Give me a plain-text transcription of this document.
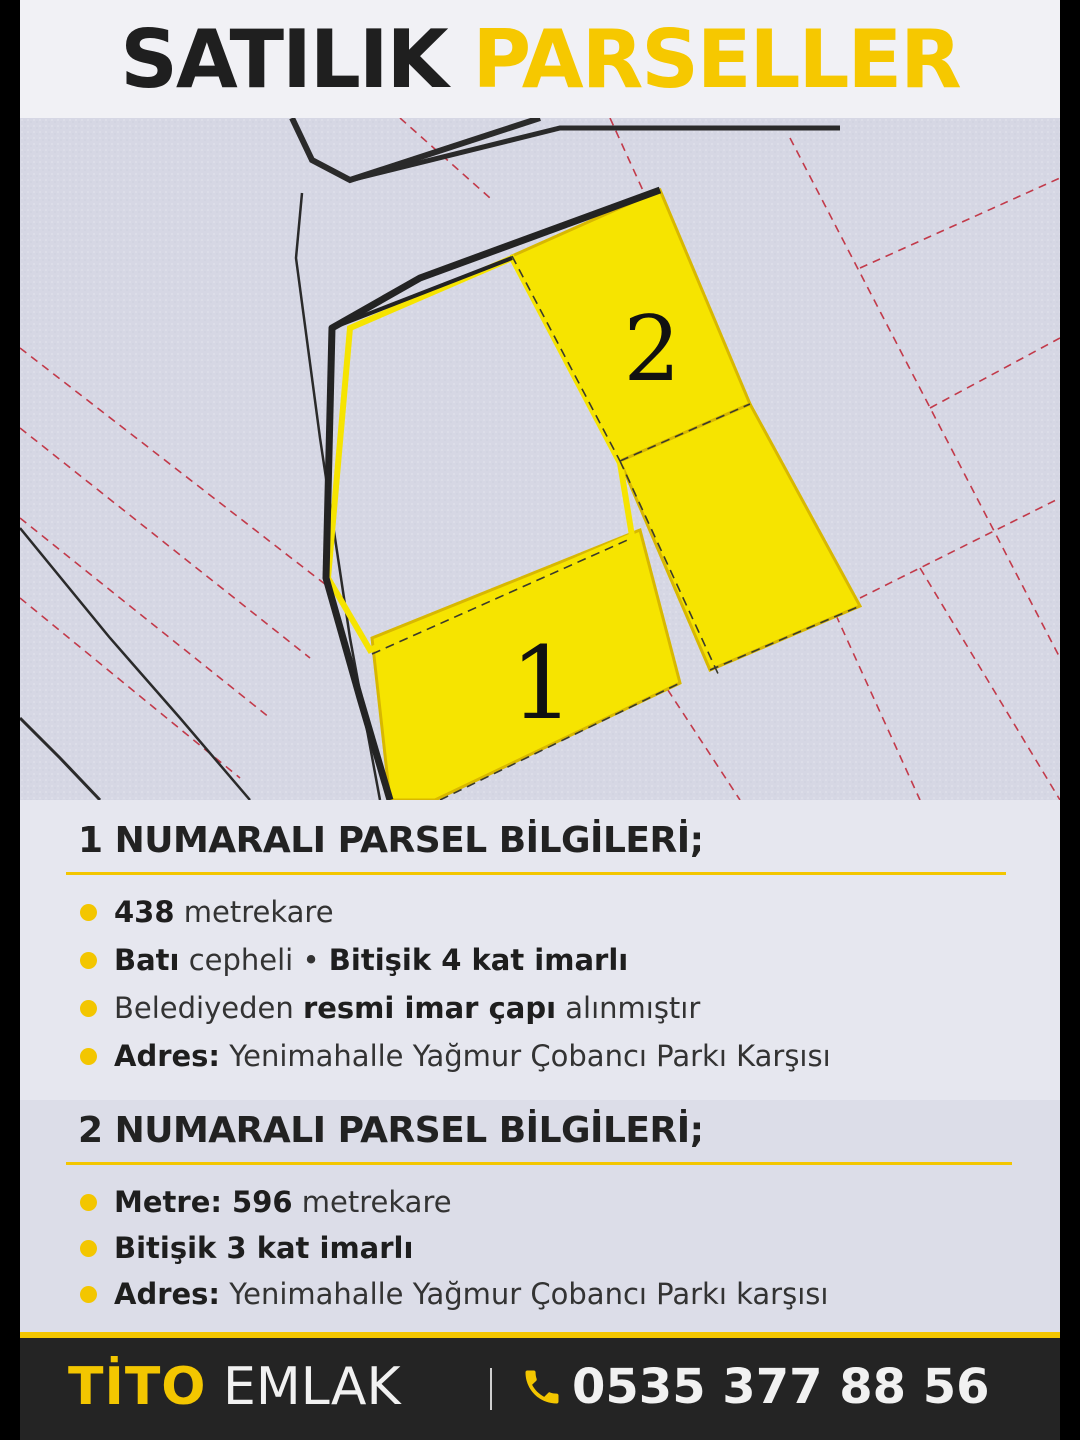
SATILIK PARSELLER
2
1
1 NUMARALI PARSEL BİLGİLERİ;
438 metrekare
Batı cepheli • Bitişik 4 kat imarlı
Belediyeden resmi imar çapı alınmıştır
Adres: Yenimahalle Yağmur Çobancı Parkı Karşısı
2 NUMARALI PARSEL BİLGİLERİ;
Metre: 596 metrekare
Bitişik 3 kat imarlı
Adres: Yenimahalle Yağmur Çobancı Parkı karşısı
TİTO EMLAK	0535 377 88 56
